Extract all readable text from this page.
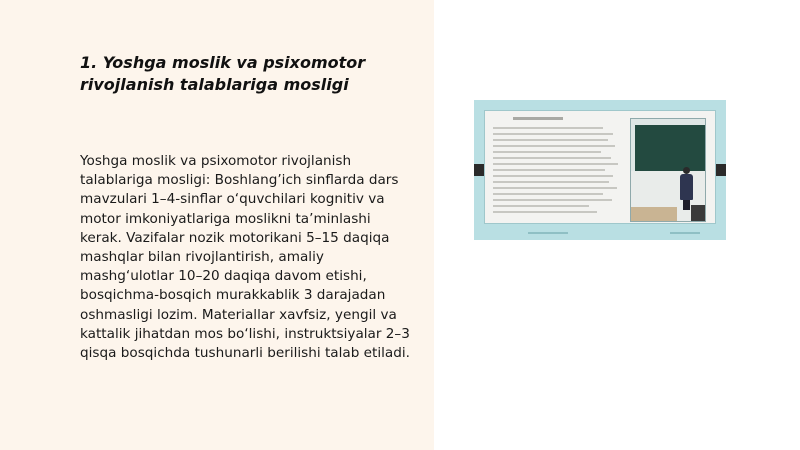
1. Yoshga moslik va psixomotor rivojlanish talablariga mosligi

Yoshga moslik va psixomotor rivojlanish talablariga mosligi: Boshlang’ich sinflarda dars mavzulari 1–4-sinflar o‘quvchilari kognitiv va motor imkoniyatlariga moslikni ta’minlashi kerak. Vazifalar nozik motorikani 5–15 daqiqa mashqlar bilan rivojlantirish, amaliy mashg‘ulotlar 10–20 daqiqa davom etishi, bosqichma-bosqich murakkablik 3 darajadan oshmasligi lozim. Materiallar xavfsiz, yengil va kattalik jihatdan mos bo‘lishi, instruktsiyalar 2–3 qisqa bosqichda tushunarli berilishi talab etiladi.
